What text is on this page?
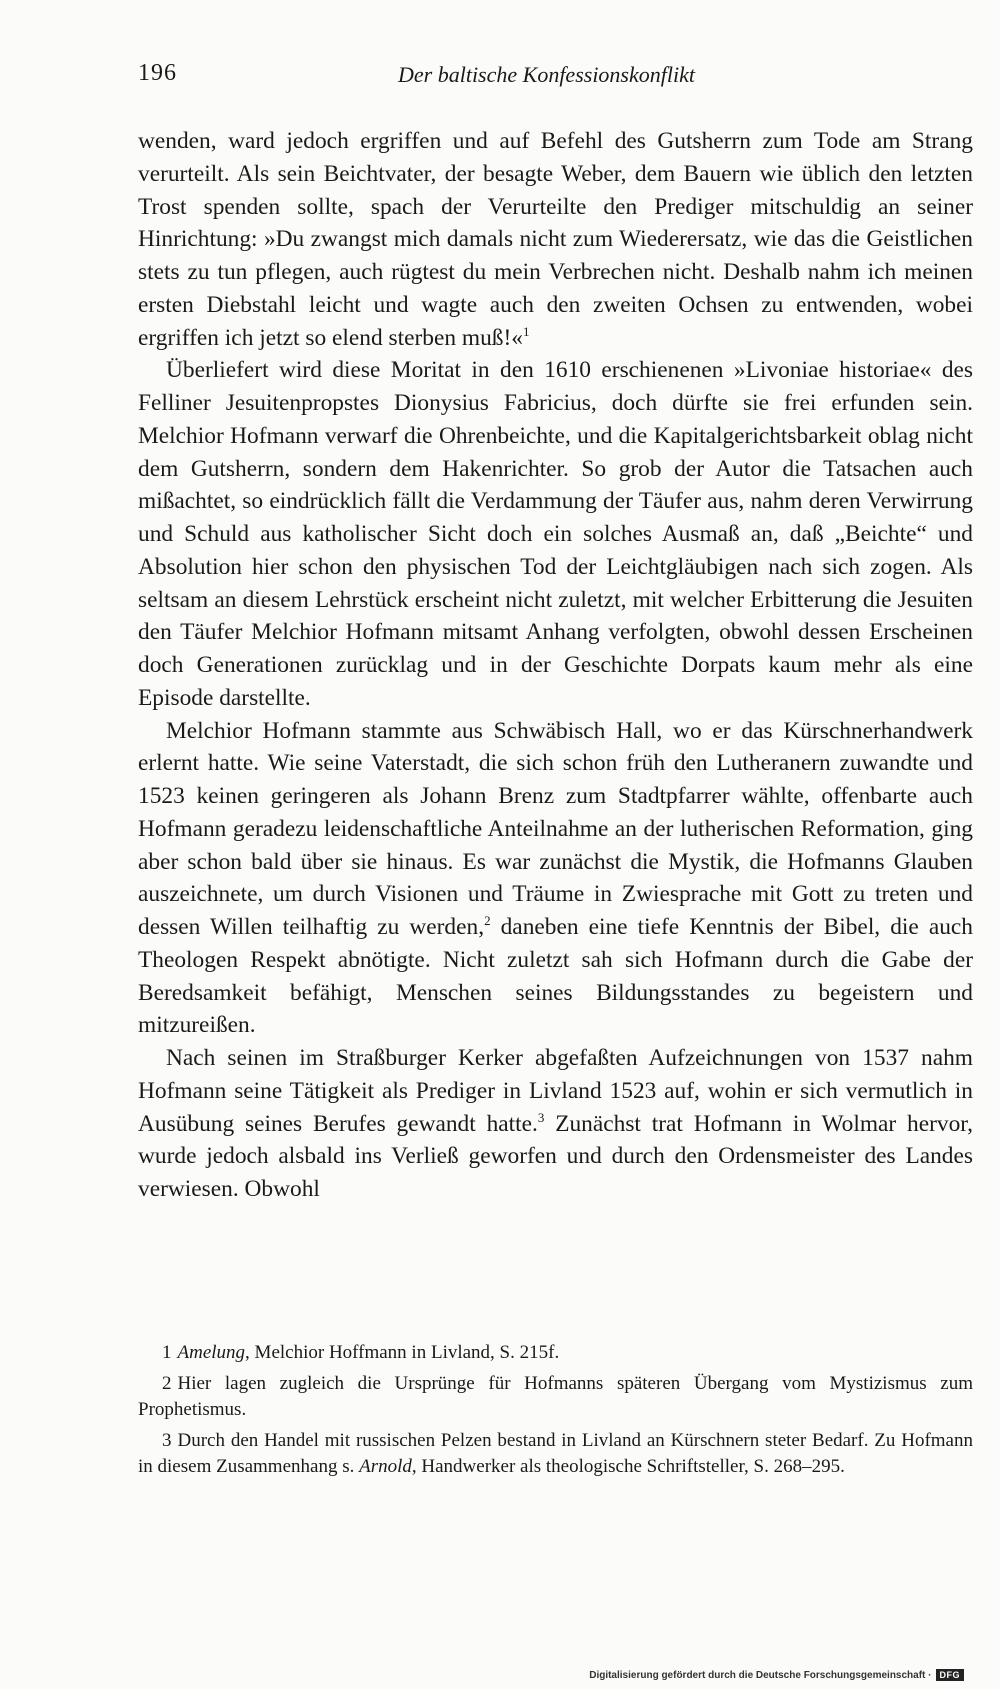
196	Der baltische Konfessionskonflikt

wenden, ward jedoch ergriffen und auf Befehl des Gutsherrn zum Tode am Strang verurteilt. Als sein Beichtvater, der besagte Weber, dem Bauern wie üblich den letzten Trost spenden sollte, spach der Verurteilte den Prediger mitschuldig an seiner Hinrichtung: »Du zwangst mich damals nicht zum Wiederersatz, wie das die Geistlichen stets zu tun pflegen, auch rügtest du mein Verbrechen nicht. Deshalb nahm ich meinen ersten Diebstahl leicht und wagte auch den zweiten Ochsen zu entwenden, wobei ergriffen ich jetzt so elend sterben muß!«$^1$

Überliefert wird diese Moritat in den 1610 erschienenen »Livoniae historiae« des Felliner Jesuitenpropstes Dionysius Fabricius, doch dürfte sie frei erfunden sein. Melchior Hofmann verwarf die Ohrenbeichte, und die Kapitalgerichtsbarkeit oblag nicht dem Gutsherrn, sondern dem Hakenrichter. So grob der Autor die Tatsachen auch mißachtet, so eindrücklich fällt die Verdammung der Täufer aus, nahm deren Verwirrung und Schuld aus katholischer Sicht doch ein solches Ausmaß an, daß „Beichte“ und Absolution hier schon den physischen Tod der Leichtgläubigen nach sich zogen. Als seltsam an diesem Lehrstück erscheint nicht zuletzt, mit welcher Erbitterung die Jesuiten den Täufer Melchior Hofmann mitsamt Anhang verfolgten, obwohl dessen Erscheinen doch Generationen zurücklag und in der Geschichte Dorpats kaum mehr als eine Episode darstellte.

Melchior Hofmann stammte aus Schwäbisch Hall, wo er das Kürschnerhandwerk erlernt hatte. Wie seine Vaterstadt, die sich schon früh den Lutheranern zuwandte und 1523 keinen geringeren als Johann Brenz zum Stadtpfarrer wählte, offenbarte auch Hofmann geradezu leidenschaftliche Anteilnahme an der lutherischen Reformation, ging aber schon bald über sie hinaus. Es war zunächst die Mystik, die Hofmanns Glauben auszeichnete, um durch Visionen und Träume in Zwiesprache mit Gott zu treten und dessen Willen teilhaftig zu werden,$^2$ daneben eine tiefe Kenntnis der Bibel, die auch Theologen Respekt abnötigte. Nicht zuletzt sah sich Hofmann durch die Gabe der Beredsamkeit befähigt, Menschen seines Bildungsstandes zu begeistern und mitzureißen.

Nach seinen im Straßburger Kerker abgefaßten Aufzeichnungen von 1537 nahm Hofmann seine Tätigkeit als Prediger in Livland 1523 auf, wohin er sich vermutlich in Ausübung seines Berufes gewandt hatte.$^3$ Zunächst trat Hofmann in Wolmar hervor, wurde jedoch alsbald ins Verließ geworfen und durch den Ordensmeister des Landes verwiesen. Obwohl

1 Amelung, Melchior Hoffmann in Livland, S. 215f.

2 Hier lagen zugleich die Ursprünge für Hofmanns späteren Übergang vom Mystizismus zum Prophetismus.

3 Durch den Handel mit russischen Pelzen bestand in Livland an Kürschnern steter Bedarf. Zu Hofmann in diesem Zusammenhang s. Arnold, Handwerker als theologische Schriftsteller, S. 268–295.

Digitalisierung gefördert durch die Deutsche Forschungsgemeinschaft · DFG
